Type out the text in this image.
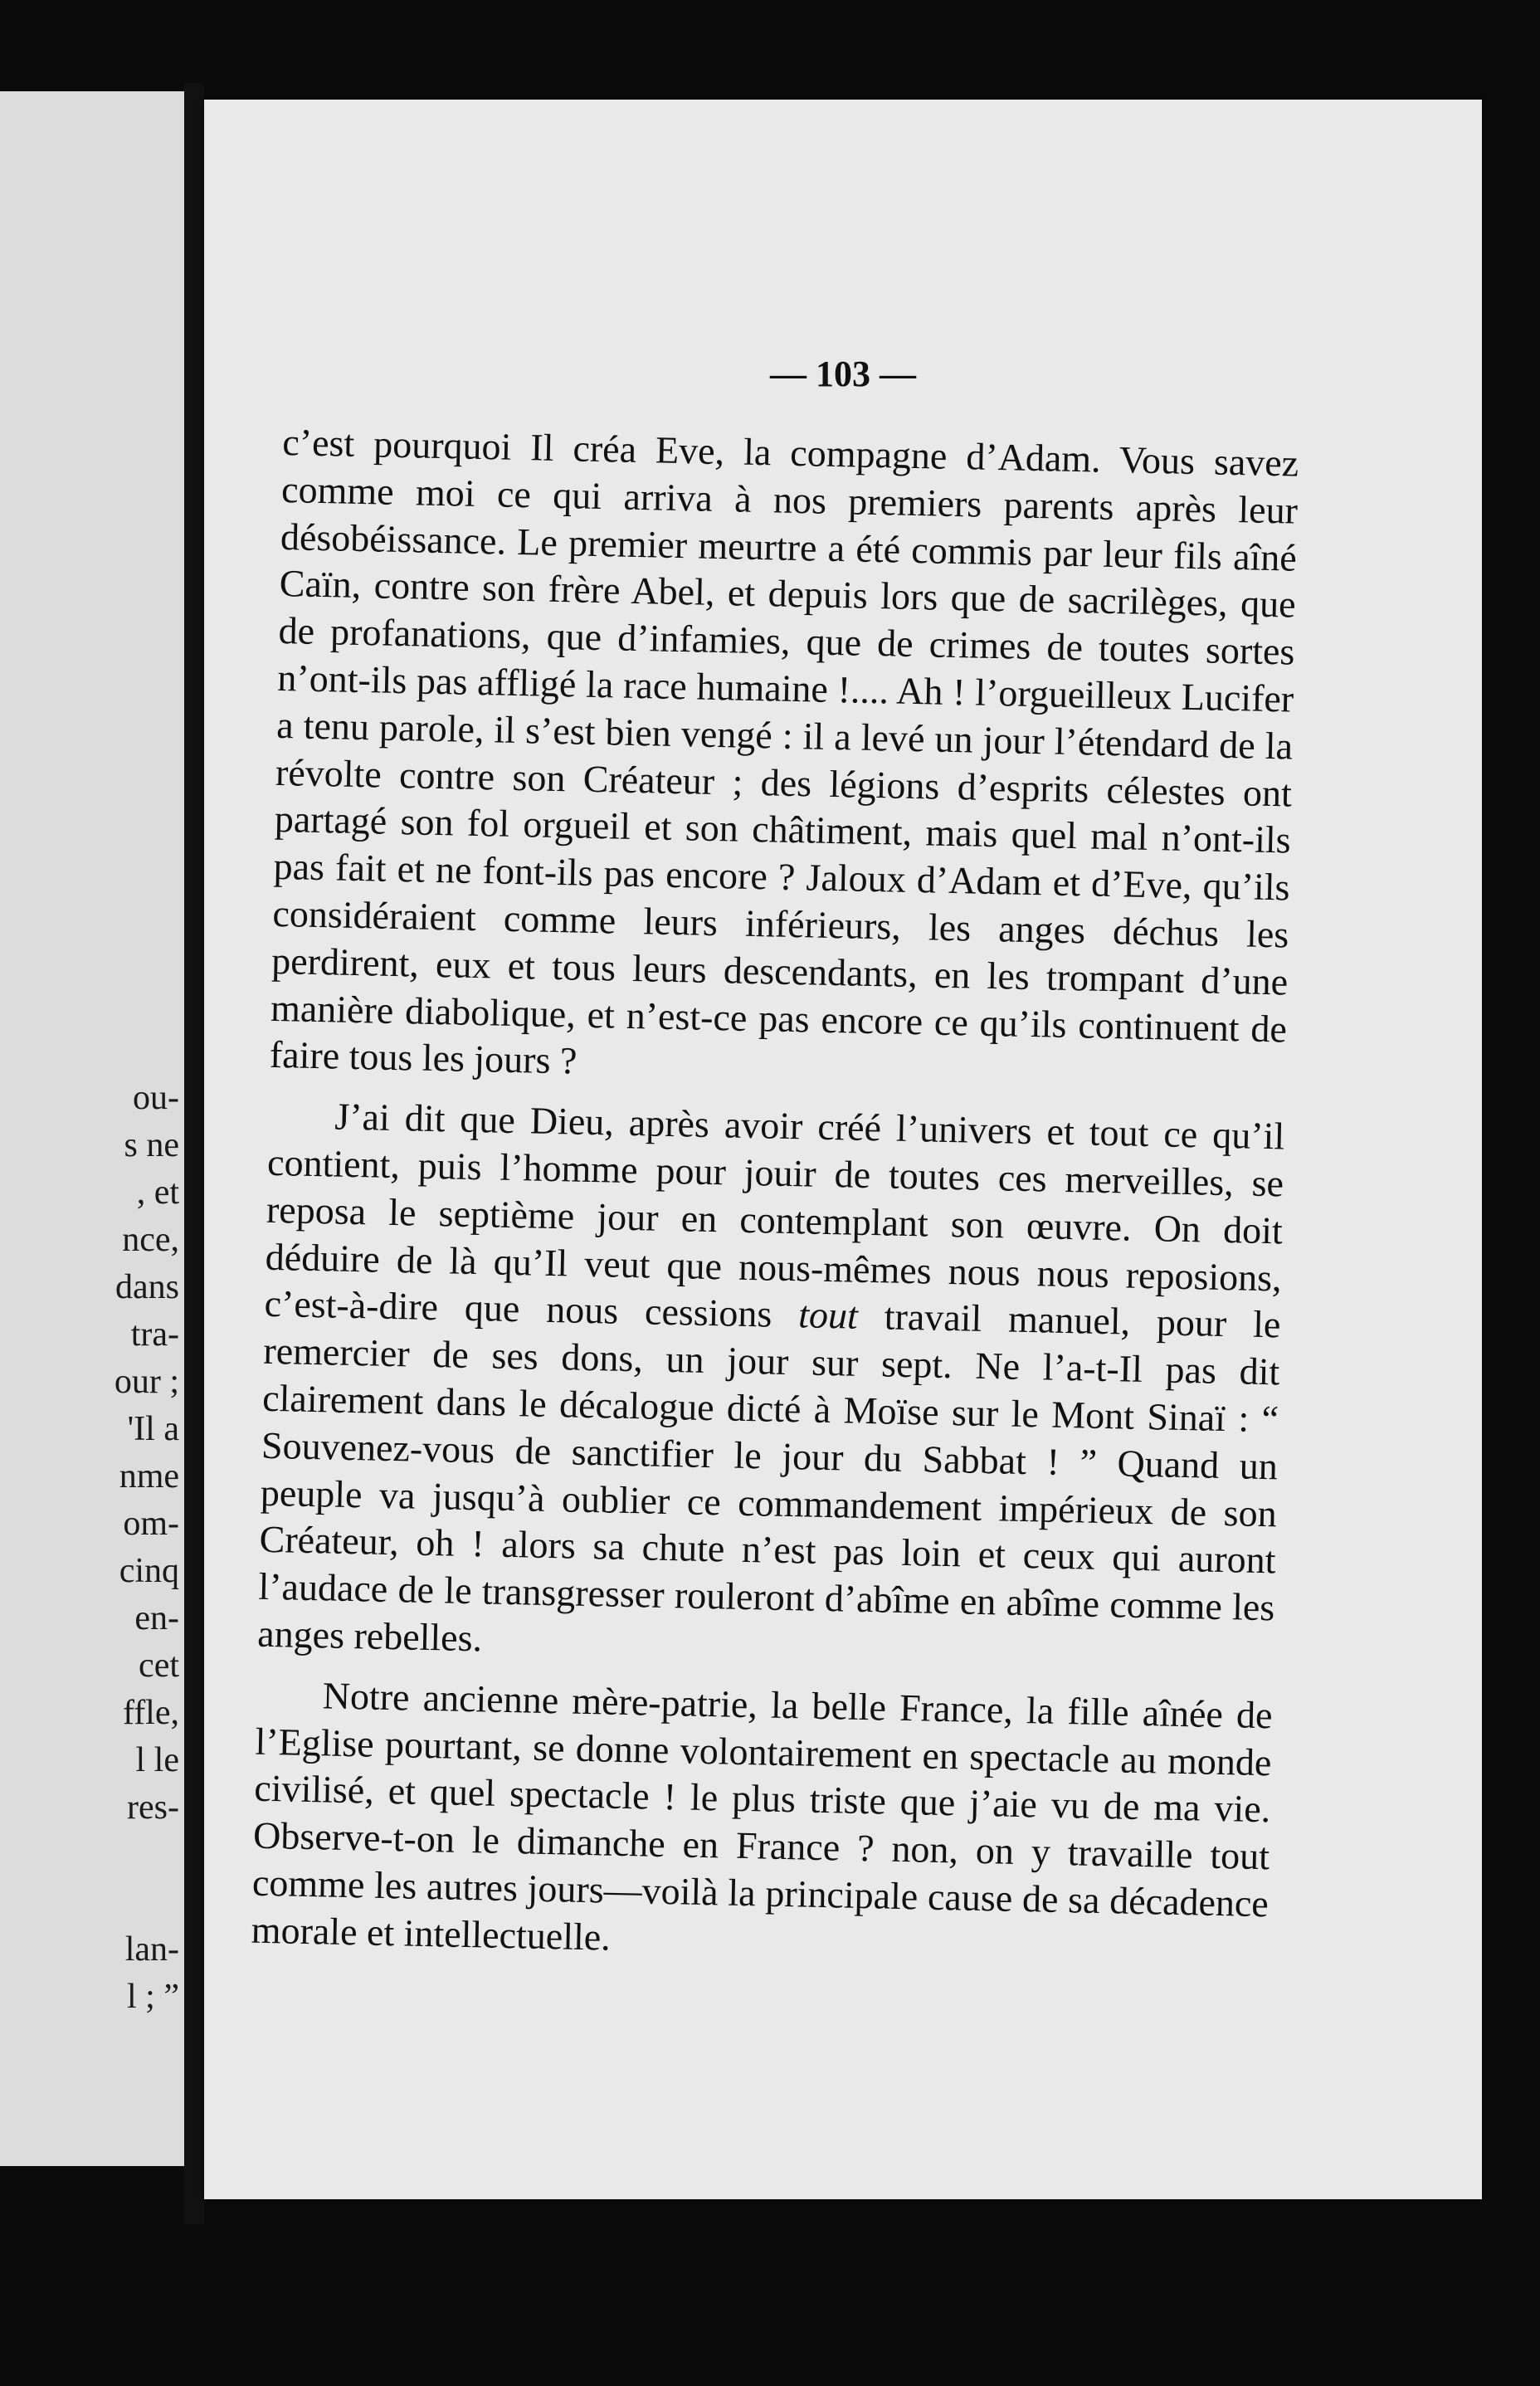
ou-
s ne
, et
nce,
dans
tra-
our ;
'Il a
nme
om-
cinq
en-
cet
ffle,
l le
res-
lan-
l ; ”

— 103 —

c’est pourquoi Il créa Eve, la compagne d’Adam. Vous savez comme moi ce qui arriva à nos premiers parents après leur désobéissance. Le premier meurtre a été commis par leur fils aîné Caïn, contre son frère Abel, et depuis lors que de sacrilèges, que de profanations, que d’infamies, que de crimes de toutes sortes n’ont-ils pas affligé la race humaine !.... Ah ! l’orgueilleux Lucifer a tenu parole, il s’est bien vengé : il a levé un jour l’étendard de la révolte contre son Créateur ; des légions d’esprits célestes ont partagé son fol orgueil et son châtiment, mais quel mal n’ont-ils pas fait et ne font-ils pas encore ? Jaloux d’Adam et d’Eve, qu’ils considéraient comme leurs inférieurs, les anges déchus les perdirent, eux et tous leurs descendants, en les trompant d’une manière diabolique, et n’est-ce pas encore ce qu’ils continuent de faire tous les jours ?

J’ai dit que Dieu, après avoir créé l’univers et tout ce qu’il contient, puis l’homme pour jouir de toutes ces merveilles, se reposa le septième jour en contemplant son œuvre. On doit déduire de là qu’Il veut que nous-mêmes nous nous reposions, c’est-à-dire que nous cessions tout travail manuel, pour le remercier de ses dons, un jour sur sept. Ne l’a-t-Il pas dit clairement dans le décalogue dicté à Moïse sur le Mont Sinaï : “ Souvenez-vous de sanctifier le jour du Sabbat ! ” Quand un peuple va jusqu’à oublier ce commandement impérieux de son Créateur, oh ! alors sa chute n’est pas loin et ceux qui auront l’audace de le transgresser rouleront d’abîme en abîme comme les anges rebelles.

Notre ancienne mère-patrie, la belle France, la fille aînée de l’Eglise pourtant, se donne volontairement en spectacle au monde civilisé, et quel spectacle ! le plus triste que j’aie vu de ma vie. Observe-t-on le dimanche en France ? non, on y travaille tout comme les autres jours—voilà la principale cause de sa décadence morale et intellectuelle.
